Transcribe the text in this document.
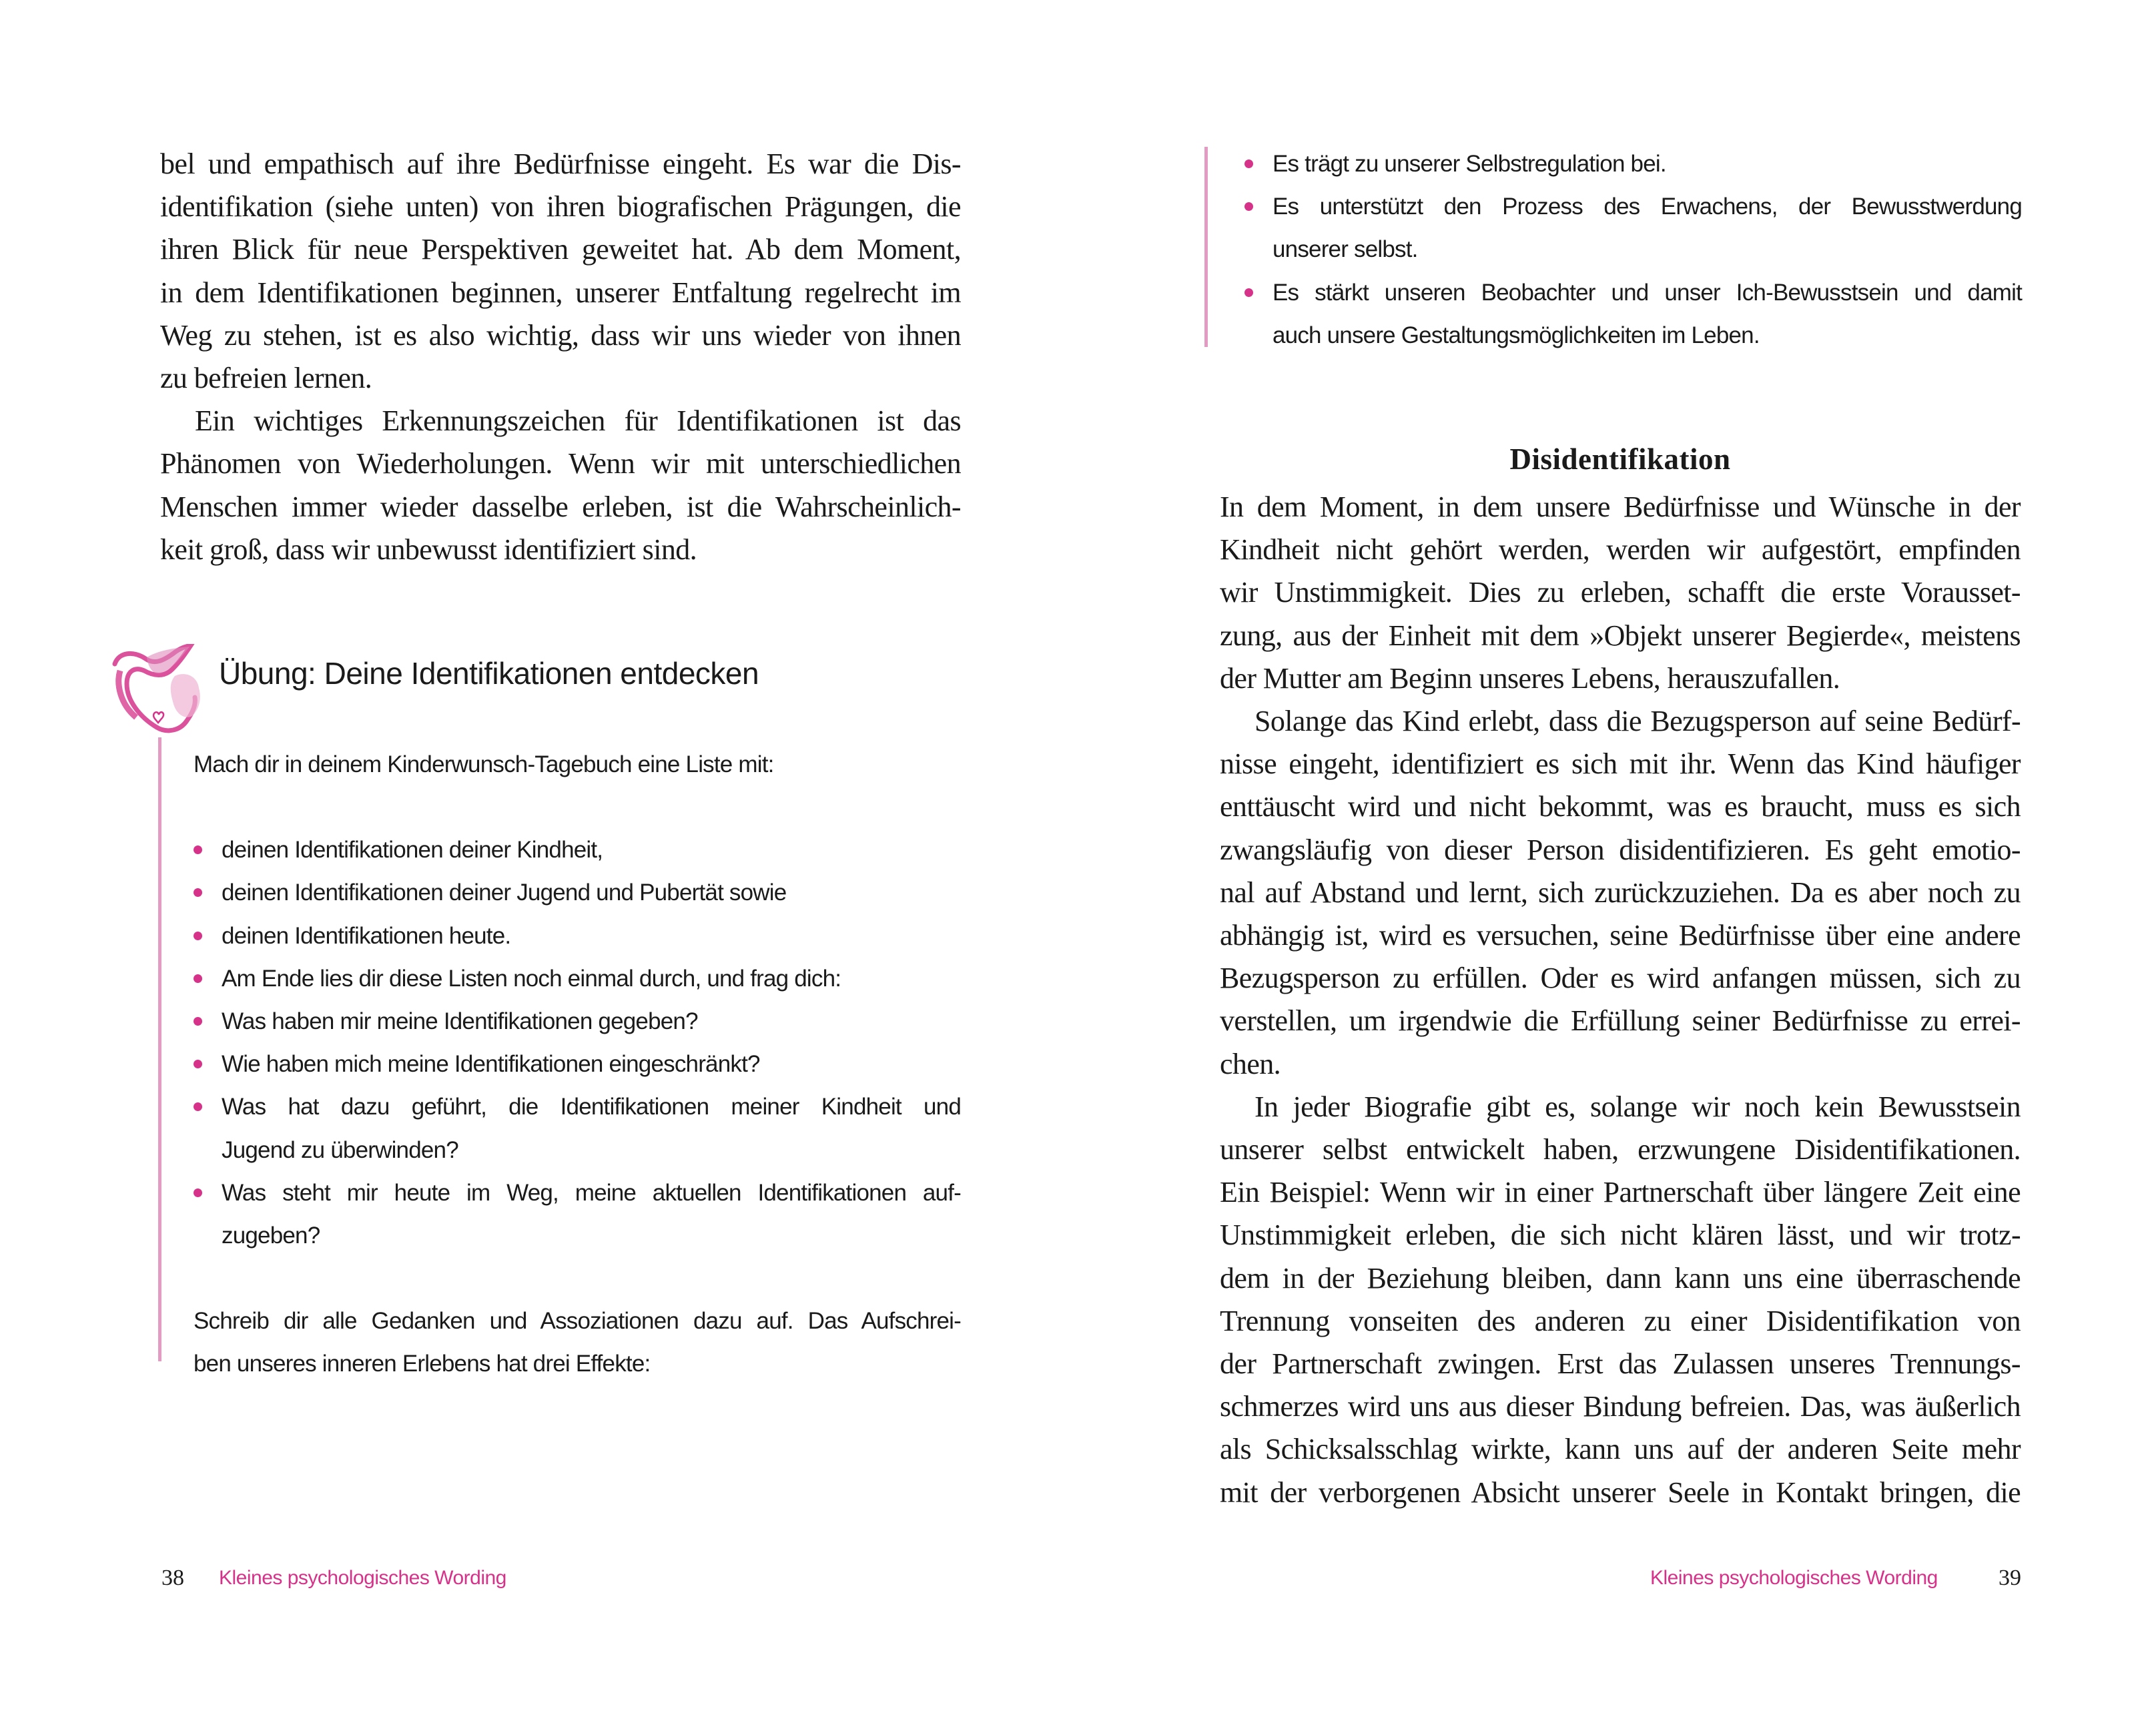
bel und empathisch auf ihre Bedürfnisse eingeht. Es war die Dis-
identifikation (siehe unten) von ihren biografischen Prägungen, die
ihren Blick für neue Perspektiven geweitet hat. Ab dem Moment,
in dem Identifikationen beginnen, unserer Entfaltung regelrecht im
Weg zu stehen, ist es also wichtig, dass wir uns wieder von ihnen
zu befreien lernen.
Ein wichtiges Erkennungszeichen für Identifikationen ist das
Phänomen von Wiederholungen. Wenn wir mit unterschiedlichen
Menschen immer wieder dasselbe erleben, ist die Wahrscheinlich-
keit groß, dass wir unbewusst identifiziert sind.
Übung: Deine Identifikationen entdecken
Mach dir in deinem Kinderwunsch-Tagebuch eine Liste mit:
deinen Identifikationen deiner Kindheit,
deinen Identifikationen deiner Jugend und Pubertät sowie
deinen Identifikationen heute.
Am Ende lies dir diese Listen noch einmal durch, und frag dich:
Was haben mir meine Identifikationen gegeben?
Wie haben mich meine Identifikationen eingeschränkt?
Was hat dazu geführt, die Identifikationen meiner Kindheit und
Jugend zu überwinden?
Was steht mir heute im Weg, meine aktuellen Identifikationen auf-
zugeben?
Schreib dir alle Gedanken und Assoziationen dazu auf. Das Aufschrei-
ben unseres inneren Erlebens hat drei Effekte:
38 Kleines psychologisches Wording
Es trägt zu unserer Selbstregulation bei.
Es unterstützt den Prozess des Erwachens, der Bewusstwerdung
unserer selbst.
Es stärkt unseren Beobachter und unser Ich-Bewusstsein und damit
auch unsere Gestaltungsmöglichkeiten im Leben.
Disidentifikation
In dem Moment, in dem unsere Bedürfnisse und Wünsche in der
Kindheit nicht gehört werden, werden wir aufgestört, empfinden
wir Unstimmigkeit. Dies zu erleben, schafft die erste Vorausset-
zung, aus der Einheit mit dem »Objekt unserer Begierde«, meistens
der Mutter am Beginn unseres Lebens, herauszufallen.
Solange das Kind erlebt, dass die Bezugsperson auf seine Bedürf-
nisse eingeht, identifiziert es sich mit ihr. Wenn das Kind häufiger
enttäuscht wird und nicht bekommt, was es braucht, muss es sich
zwangsläufig von dieser Person disidentifizieren. Es geht emotio-
nal auf Abstand und lernt, sich zurückzuziehen. Da es aber noch zu
abhängig ist, wird es versuchen, seine Bedürfnisse über eine andere
Bezugsperson zu erfüllen. Oder es wird anfangen müssen, sich zu
verstellen, um irgendwie die Erfüllung seiner Bedürfnisse zu errei-
chen.
In jeder Biografie gibt es, solange wir noch kein Bewusstsein
unserer selbst entwickelt haben, erzwungene Disidentifikationen.
Ein Beispiel: Wenn wir in einer Partnerschaft über längere Zeit eine
Unstimmigkeit erleben, die sich nicht klären lässt, und wir trotz-
dem in der Beziehung bleiben, dann kann uns eine überraschende
Trennung vonseiten des anderen zu einer Disidentifikation von
der Partnerschaft zwingen. Erst das Zulassen unseres Trennungs-
schmerzes wird uns aus dieser Bindung befreien. Das, was äußerlich
als Schicksalsschlag wirkte, kann uns auf der anderen Seite mehr
mit der verborgenen Absicht unserer Seele in Kontakt bringen, die
Kleines psychologisches Wording	39
